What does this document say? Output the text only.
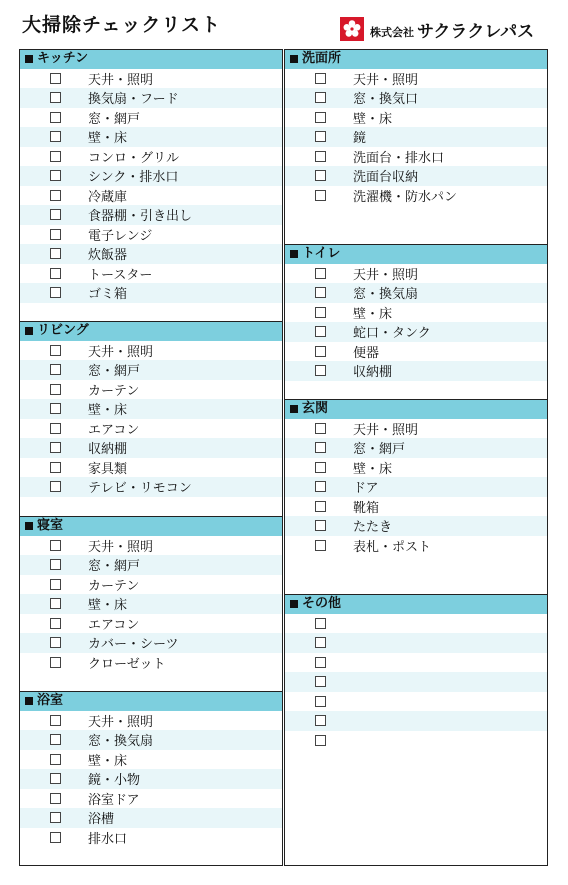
大掃除チェックリスト	株式会社 サクラクレパス
キッチン
天井・照明
換気扇・フード
窓・網戸
壁・床
コンロ・グリル
シンク・排水口
冷蔵庫
食器棚・引き出し
電子レンジ
炊飯器
トースター
ゴミ箱
リビング
天井・照明
窓・網戸
カーテン
壁・床
エアコン
収納棚
家具類
テレビ・リモコン
寝室
天井・照明
窓・網戸
カーテン
壁・床
エアコン
カバー・シーツ
クローゼット
浴室
天井・照明
窓・換気扇
壁・床
鏡・小物
浴室ドア
浴槽
排水口
洗面所
天井・照明
窓・換気口
壁・床
鏡
洗面台・排水口
洗面台収納
洗濯機・防水パン
トイレ
天井・照明
窓・換気扇
壁・床
蛇口・タンク
便器
収納棚
玄関
天井・照明
窓・網戸
壁・床
ドア
靴箱
たたき
表札・ポスト
その他
